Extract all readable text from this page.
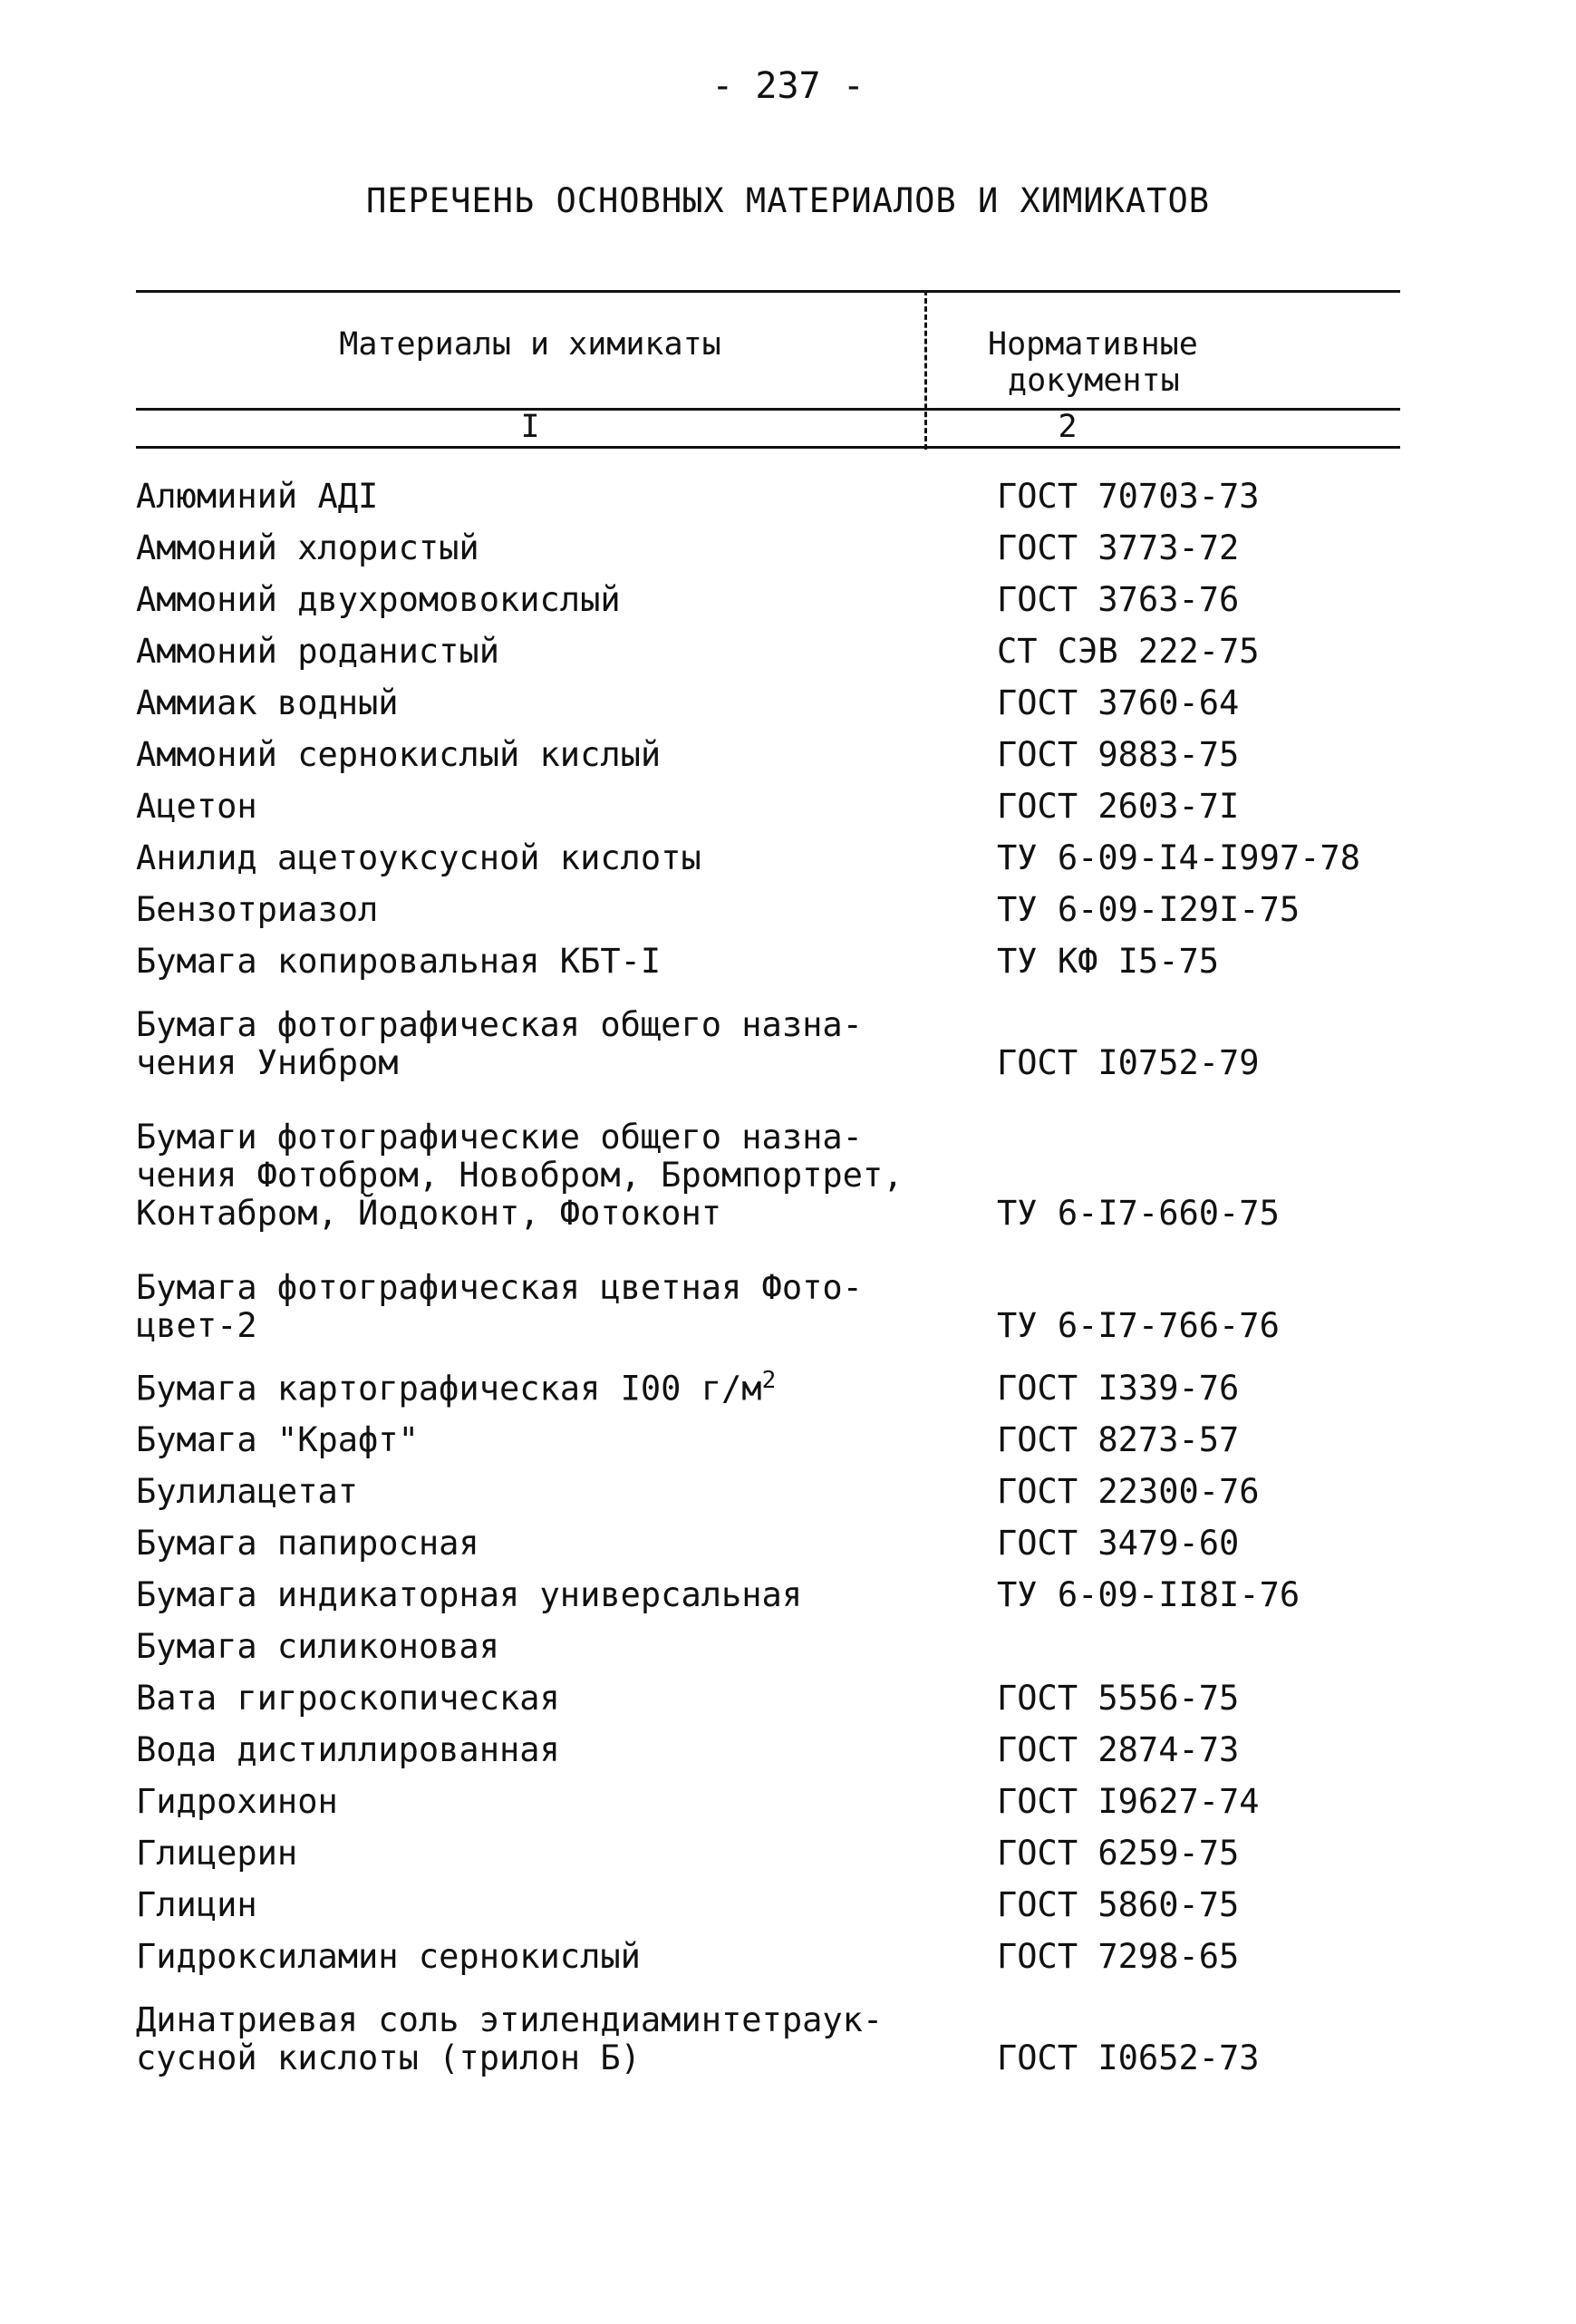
- 237 -
ПЕРЕЧЕНЬ ОСНОВНЫХ МАТЕРИАЛОВ И ХИМИКАТОВ
Материалы и химикаты	Нормативные
документы
I	2
Алюминий АДI	ГОСТ 70703-73
Аммоний хлористый	ГОСТ 3773-72
Аммоний двухромовокислый	ГОСТ 3763-76
Аммоний роданистый	СТ СЭВ 222-75
Аммиак водный	ГОСТ 3760-64
Аммоний сернокислый кислый	ГОСТ 9883-75
Ацетон	ГОСТ 2603-7I
Анилид ацетоуксусной кислоты	ТУ 6-09-I4-I997-78
Бензотриазол	ТУ 6-09-I29I-75
Бумага копировальная КБТ-I	ТУ КФ I5-75
Бумага фотографическая общего назна-
чения Унибром	ГОСТ I0752-79
Бумаги фотографические общего назна-
чения Фотобром, Новобром, Бромпортрет,
Контабром, Йодоконт, Фотоконт	ТУ 6-I7-660-75
Бумага фотографическая цветная Фото-
цвет-2	ТУ 6-I7-766-76
Бумага картографическая I00 $г/м^2$	ГОСТ I339-76
Бумага "Крафт"	ГОСТ 8273-57
Булилацетат	ГОСТ 22300-76
Бумага папиросная	ГОСТ 3479-60
Бумага индикаторная универсальная	ТУ 6-09-II8I-76
Бумага силиконовая
Вата гигроскопическая	ГОСТ 5556-75
Вода дистиллированная	ГОСТ 2874-73
Гидрохинон	ГОСТ I9627-74
Глицерин	ГОСТ 6259-75
Глицин	ГОСТ 5860-75
Гидроксиламин сернокислый	ГОСТ 7298-65
Динатриевая соль этилендиаминтетраук-
сусной кислоты (трилон Б)	ГОСТ I0652-73
